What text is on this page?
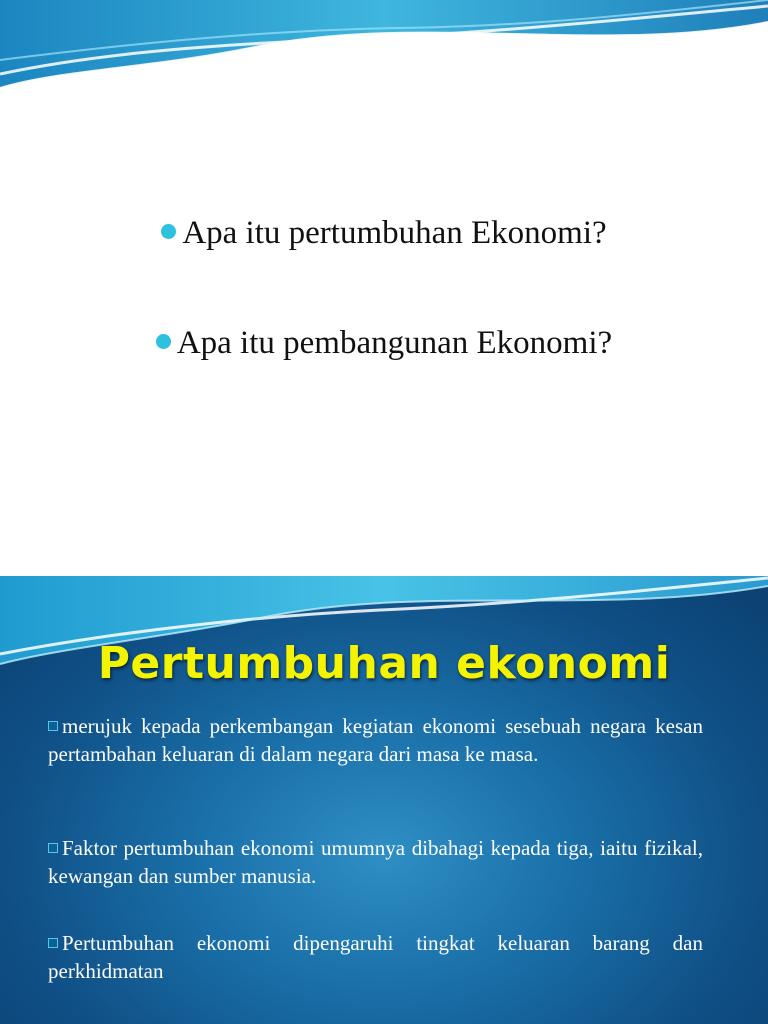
Apa itu pertumbuhan Ekonomi?
Apa itu pembangunan Ekonomi?
Pertumbuhan ekonomi
merujuk kepada perkembangan kegiatan ekonomi sesebuah negara kesan pertambahan keluaran di dalam negara dari masa ke masa.
Faktor pertumbuhan ekonomi umumnya dibahagi kepada tiga, iaitu fizikal, kewangan dan sumber manusia.
Pertumbuhan ekonomi dipengaruhi tingkat keluaran barang dan perkhidmatan
